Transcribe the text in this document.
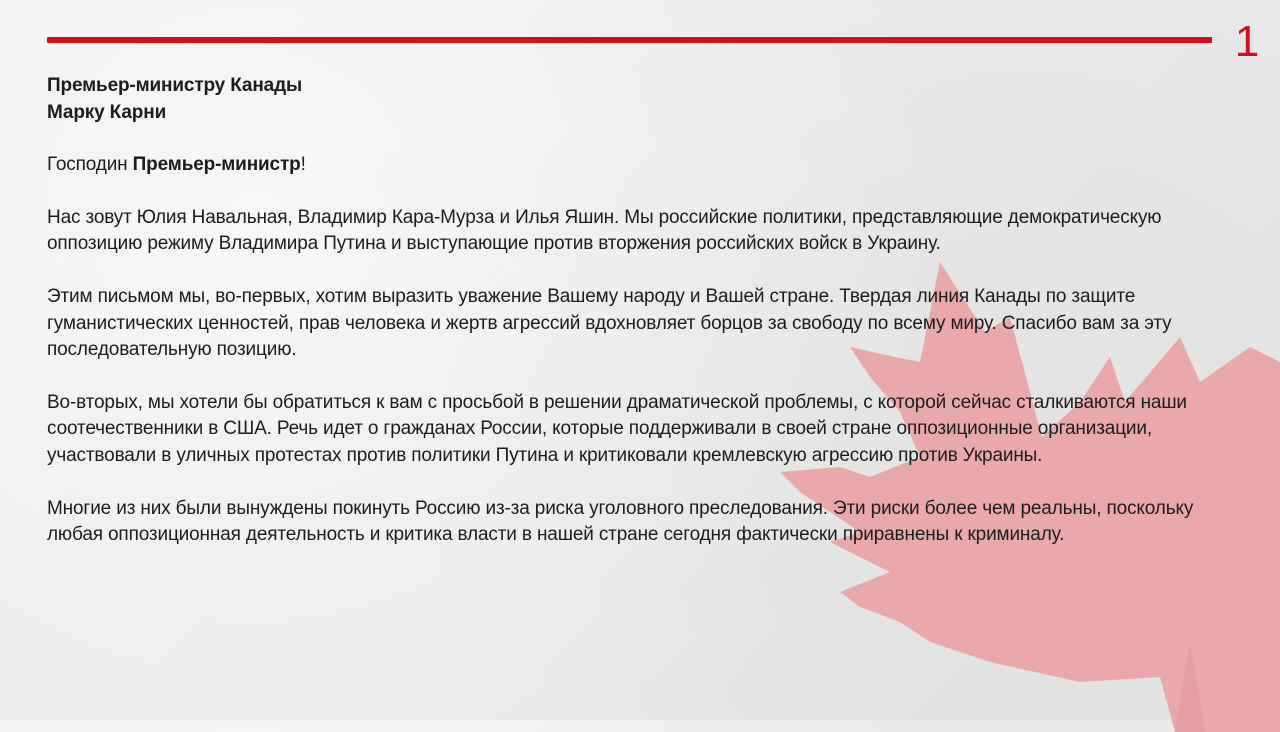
1
Премьер-министру Канады
Марку Карни

Господин Премьер-министр!

Нас зовут Юлия Навальная, Владимир Кара-Мурза и Илья Яшин. Мы российские политики, представляющие демократическую оппозицию режиму Владимира Путина и выступающие против вторжения российских войск в Украину.

Этим письмом мы, во-первых, хотим выразить уважение Вашему народу и Вашей стране. Твердая линия Канады по защите гуманистических ценностей, прав человека и жертв агрессий вдохновляет борцов за свободу по всему миру. Спасибо вам за эту последовательную позицию.

Во-вторых, мы хотели бы обратиться к вам с просьбой в решении драматической проблемы, с которой сейчас сталкиваются наши соотечественники в США. Речь идет о гражданах России, которые поддерживали в своей стране оппозиционные организации, участвовали в уличных протестах против политики Путина и критиковали кремлевскую агрессию против Украины.

Многие из них были вынуждены покинуть Россию из-за риска уголовного преследования. Эти риски более чем реальны, поскольку любая оппозиционная деятельность и критика власти в нашей стране сегодня фактически приравнены к криминалу.
